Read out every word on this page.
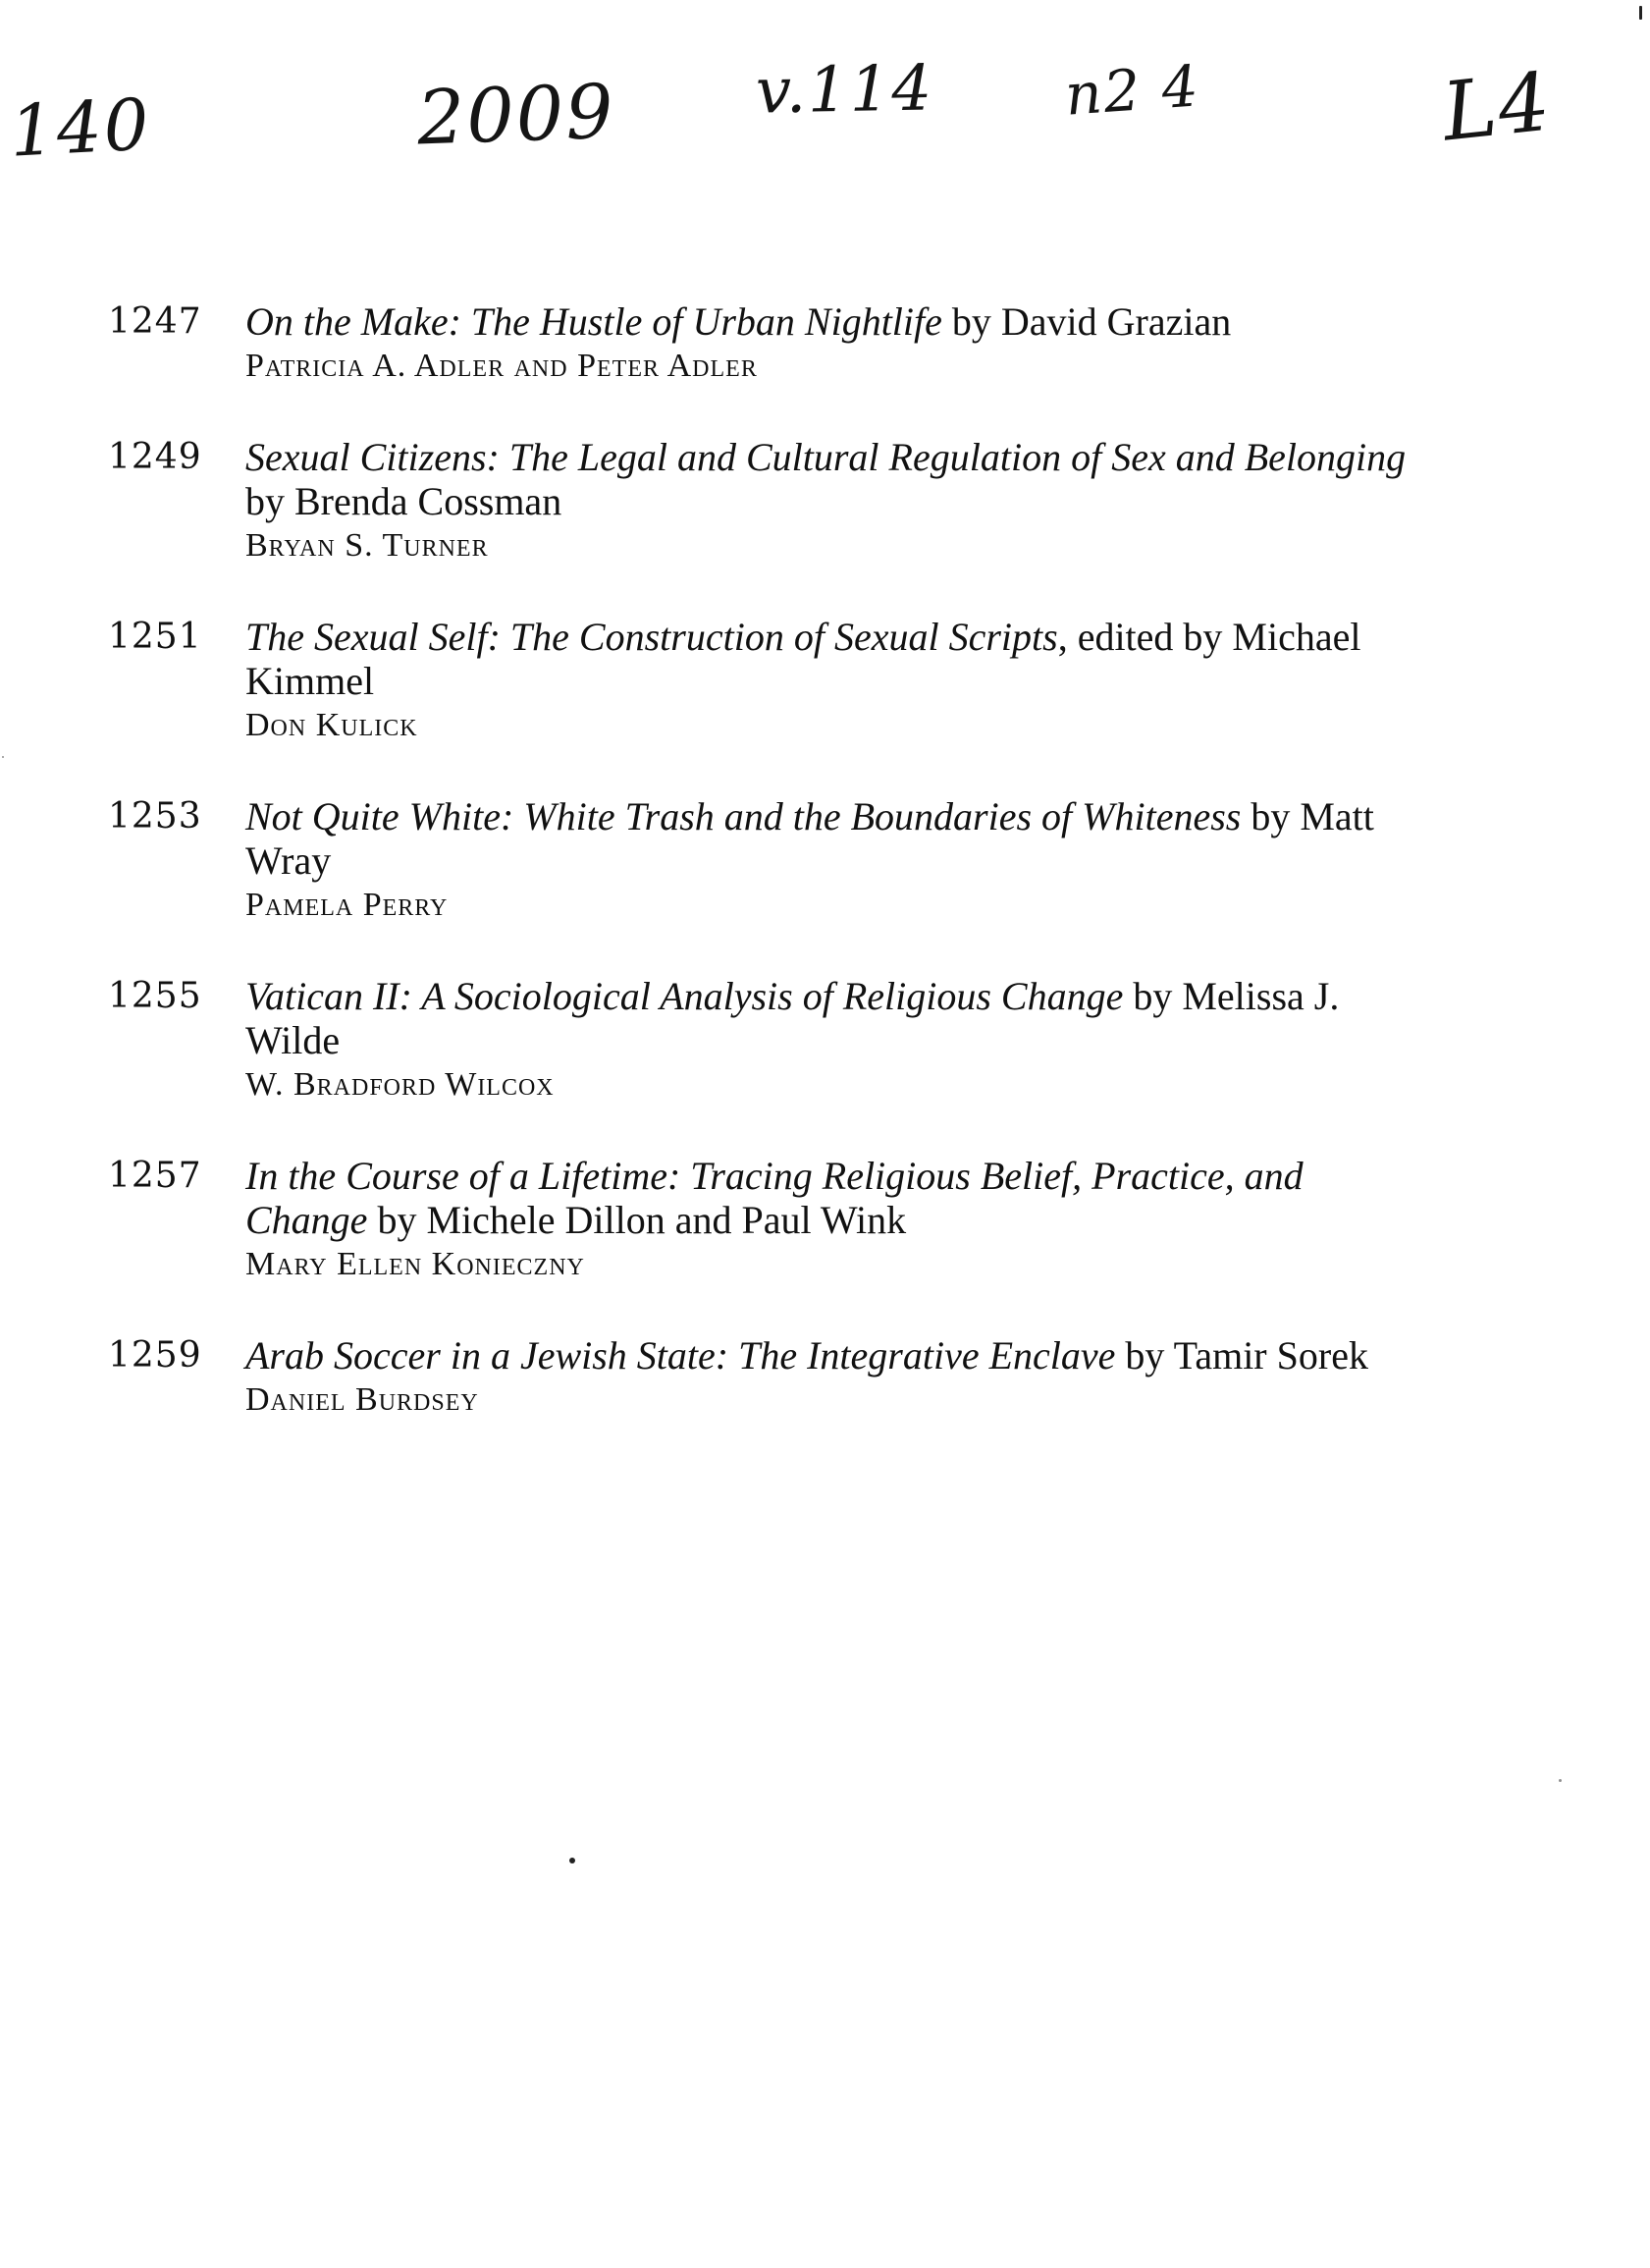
140	2009 v.114 n2 4	L4
1247	On the Make: The Hustle of Urban Nightlife by David Grazian
Patricia A. Adler and Peter Adler
1249	Sexual Citizens: The Legal and Cultural Regulation of Sex and Belonging by Brenda Cossman
Bryan S. Turner
1251	The Sexual Self: The Construction of Sexual Scripts, edited by Michael Kimmel
Don Kulick
1253	Not Quite White: White Trash and the Boundaries of Whiteness by Matt Wray
Pamela Perry
1255	Vatican II: A Sociological Analysis of Religious Change by Melissa J. Wilde
W. Bradford Wilcox
1257	In the Course of a Lifetime: Tracing Religious Belief, Practice, and Change by Michele Dillon and Paul Wink
Mary Ellen Konieczny
1259	Arab Soccer in a Jewish State: The Integrative Enclave by Tamir Sorek
Daniel Burdsey
